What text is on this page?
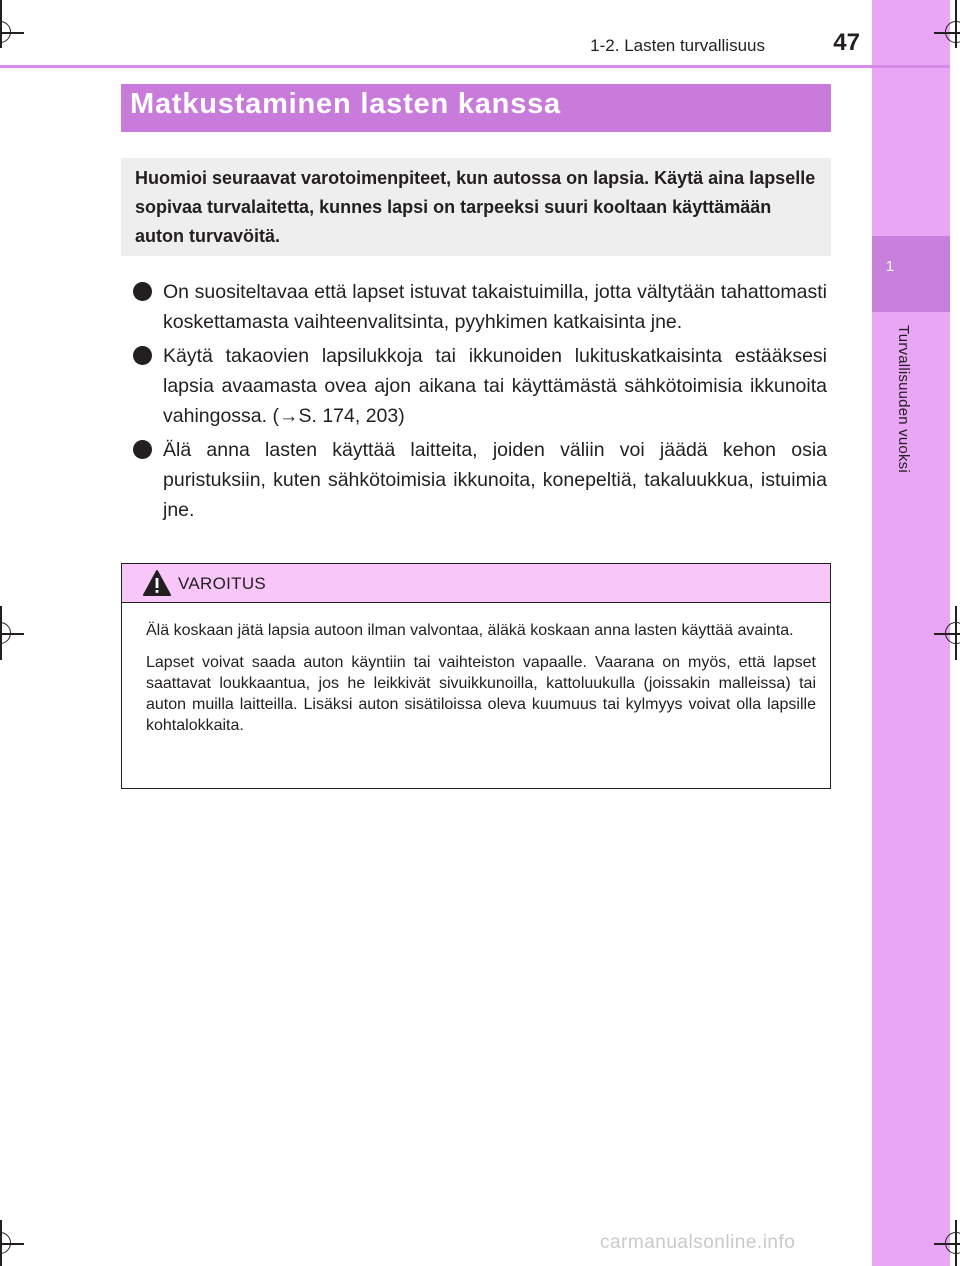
1
Turvallisuuden vuoksi
1-2. Lasten turvallisuus	47
Matkustaminen lasten kanssa
Huomioi seuraavat varotoimenpiteet, kun autossa on lapsia. Käytä aina lapselle sopivaa turvalaitetta, kunnes lapsi on tarpeeksi suuri kooltaan käyttämään auton turvavöitä.
On suositeltavaa että lapset istuvat takaistuimilla, jotta vältytään tahattomasti koskettamasta vaihteenvalitsinta, pyyhkimen katkaisinta jne.
Käytä takaovien lapsilukkoja tai ikkunoiden lukituskatkaisinta estääksesi lapsia avaamasta ovea ajon aikana tai käyttämästä sähkötoimisia ikkunoita vahingossa. (→S. 174, 203)
Älä anna lasten käyttää laitteita, joiden väliin voi jäädä kehon osia puristuksiin, kuten sähkötoimisia ikkunoita, konepeltiä, takaluukkua, istuimia jne.
VAROITUS

Älä koskaan jätä lapsia autoon ilman valvontaa, äläkä koskaan anna lasten käyttää avainta.

Lapset voivat saada auton käyntiin tai vaihteiston vapaalle. Vaarana on myös, että lapset saattavat loukkaantua, jos he leikkivät sivuikkunoilla, kattoluukulla (joissakin malleissa) tai auton muilla laitteilla. Lisäksi auton sisätiloissa oleva kuumuus tai kylmyys voivat olla lapsille kohtalokkaita.

carmanualsonline.info
